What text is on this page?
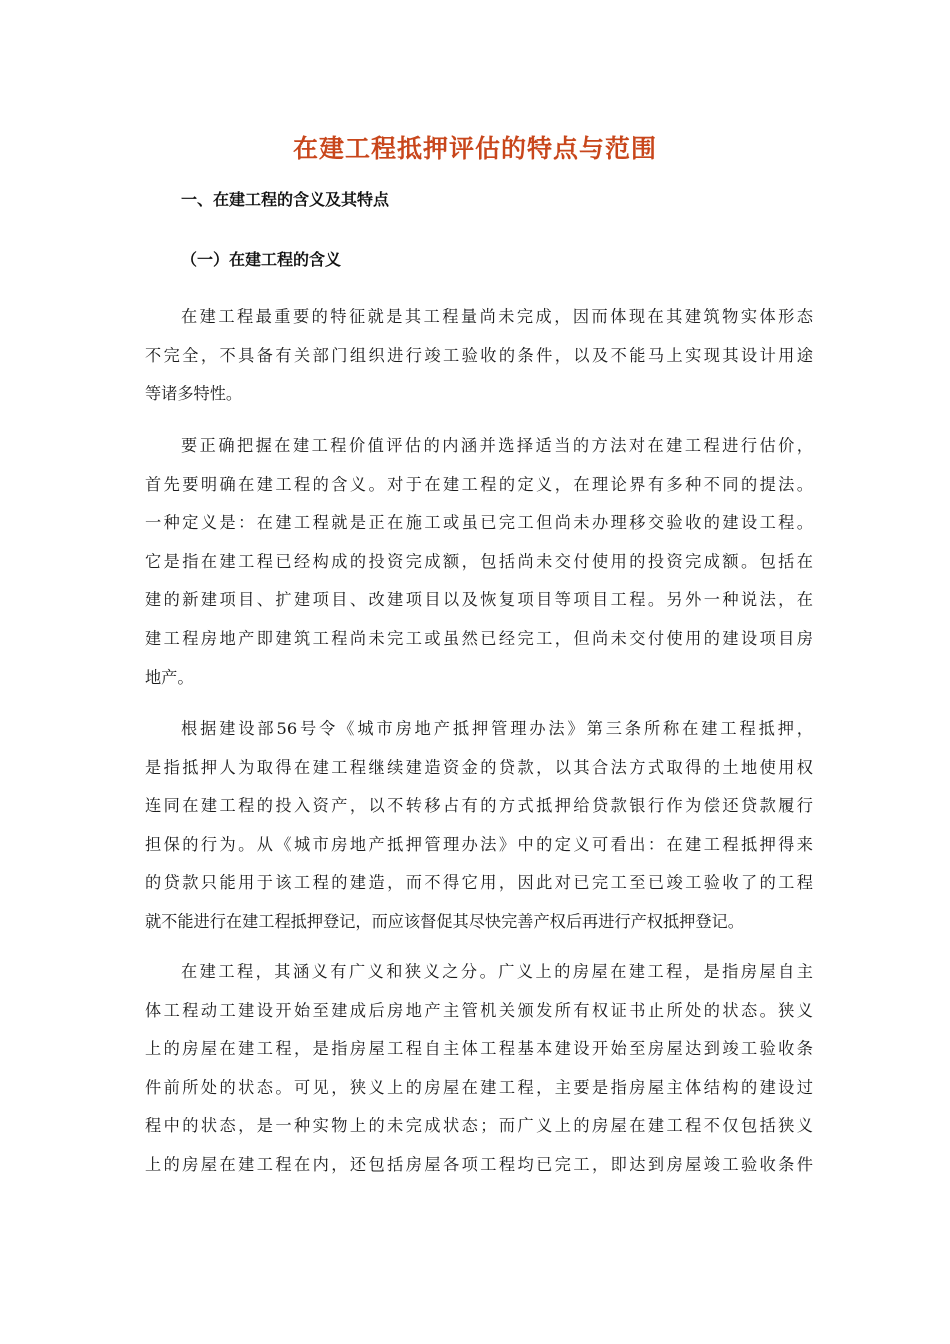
在建工程抵押评估的特点与范围
一、在建工程的含义及其特点
（一）在建工程的含义
在建工程最重要的特征就是其工程量尚未完成，因而体现在其建筑物实体形态
不完全，不具备有关部门组织进行竣工验收的条件，以及不能马上实现其设计用途
等诸多特性。
要正确把握在建工程价值评估的内涵并选择适当的方法对在建工程进行估价，
首先要明确在建工程的含义。对于在建工程的定义，在理论界有多种不同的提法。
一种定义是：在建工程就是正在施工或虽已完工但尚未办理移交验收的建设工程。
它是指在建工程已经构成的投资完成额，包括尚未交付使用的投资完成额。包括在
建的新建项目、扩建项目、改建项目以及恢复项目等项目工程。另外一种说法，在
建工程房地产即建筑工程尚未完工或虽然已经完工，但尚未交付使用的建设项目房
地产。
根据建设部56号令《城市房地产抵押管理办法》第三条所称在建工程抵押，
是指抵押人为取得在建工程继续建造资金的贷款，以其合法方式取得的土地使用权
连同在建工程的投入资产，以不转移占有的方式抵押给贷款银行作为偿还贷款履行
担保的行为。从《城市房地产抵押管理办法》中的定义可看出：在建工程抵押得来
的贷款只能用于该工程的建造，而不得它用，因此对已完工至已竣工验收了的工程
就不能进行在建工程抵押登记，而应该督促其尽快完善产权后再进行产权抵押登记。
在建工程，其涵义有广义和狭义之分。广义上的房屋在建工程，是指房屋自主
体工程动工建设开始至建成后房地产主管机关颁发所有权证书止所处的状态。狭义
上的房屋在建工程，是指房屋工程自主体工程基本建设开始至房屋达到竣工验收条
件前所处的状态。可见，狭义上的房屋在建工程，主要是指房屋主体结构的建设过
程中的状态，是一种实物上的未完成状态；而广义上的房屋在建工程不仅包括狭义
上的房屋在建工程在内，还包括房屋各项工程均已完工，即达到房屋竣工验收条件
